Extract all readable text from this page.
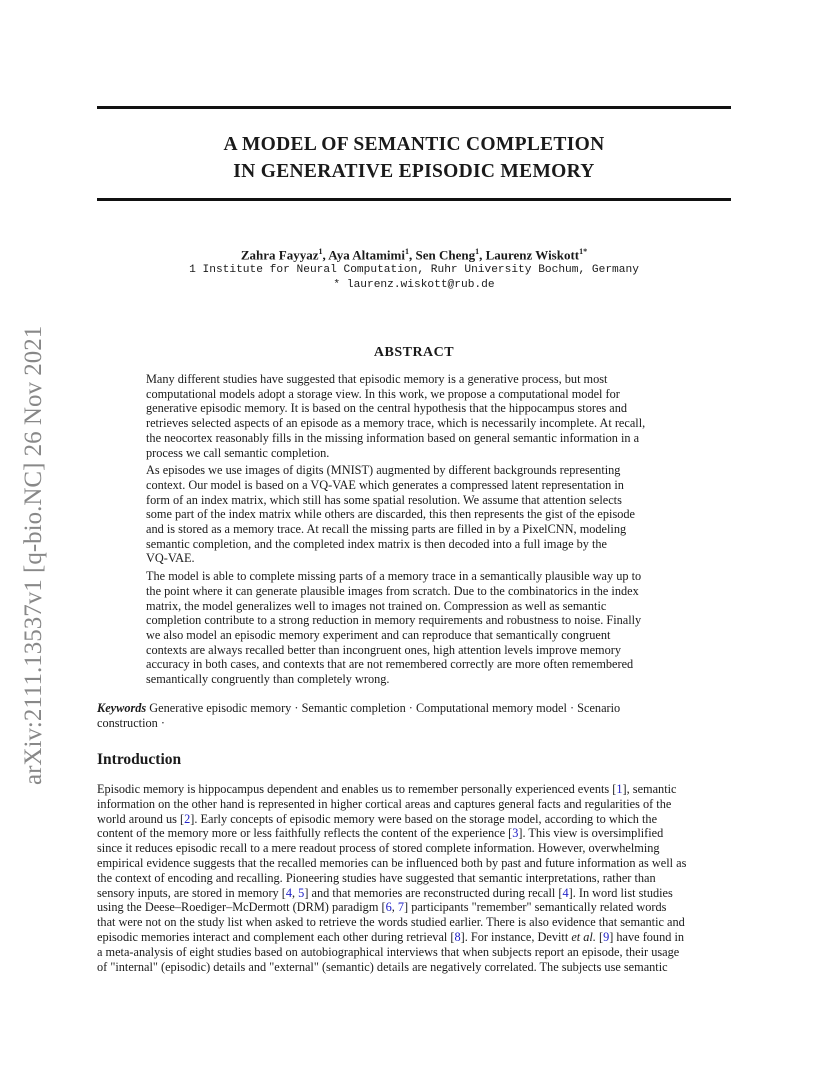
arXiv:2111.13537v1 [q-bio.NC] 26 Nov 2021
A MODEL OF SEMANTIC COMPLETION
IN GENERATIVE EPISODIC MEMORY
Zahra Fayyaz$^1$, Aya Altamimi$^1$, Sen Cheng$^1$, Laurenz Wiskott$^{1*}$
1 Institute for Neural Computation, Ruhr University Bochum, Germany
* laurenz.wiskott@rub.de
ABSTRACT

Many different studies have suggested that episodic memory is a generative process, but most
computational models adopt a storage view. In this work, we propose a computational model for
generative episodic memory. It is based on the central hypothesis that the hippocampus stores and
retrieves selected aspects of an episode as a memory trace, which is necessarily incomplete. At recall,
the neocortex reasonably fills in the missing information based on general semantic information in a
process we call semantic completion.

As episodes we use images of digits (MNIST) augmented by different backgrounds representing
context. Our model is based on a VQ-VAE which generates a compressed latent representation in
form of an index matrix, which still has some spatial resolution. We assume that attention selects
some part of the index matrix while others are discarded, this then represents the gist of the episode
and is stored as a memory trace. At recall the missing parts are filled in by a PixelCNN, modeling
semantic completion, and the completed index matrix is then decoded into a full image by the
VQ-VAE.

The model is able to complete missing parts of a memory trace in a semantically plausible way up to
the point where it can generate plausible images from scratch. Due to the combinatorics in the index
matrix, the model generalizes well to images not trained on. Compression as well as semantic
completion contribute to a strong reduction in memory requirements and robustness to noise. Finally
we also model an episodic memory experiment and can reproduce that semantically congruent
contexts are always recalled better than incongruent ones, high attention levels improve memory
accuracy in both cases, and contexts that are not remembered correctly are more often remembered
semantically congruently than completely wrong.

Keywords Generative episodic memory · Semantic completion · Computational memory model · Scenario
construction ·
Introduction
Episodic memory is hippocampus dependent and enables us to remember personally experienced events [1], semantic
information on the other hand is represented in higher cortical areas and captures general facts and regularities of the
world around us [2]. Early concepts of episodic memory were based on the storage model, according to which the
content of the memory more or less faithfully reflects the content of the experience [3]. This view is oversimplified
since it reduces episodic recall to a mere readout process of stored complete information. However, overwhelming
empirical evidence suggests that the recalled memories can be influenced both by past and future information as well as
the context of encoding and recalling. Pioneering studies have suggested that semantic interpretations, rather than
sensory inputs, are stored in memory [4, 5] and that memories are reconstructed during recall [4]. In word list studies
using the Deese–Roediger–McDermott (DRM) paradigm [6, 7] participants "remember" semantically related words
that were not on the study list when asked to retrieve the words studied earlier. There is also evidence that semantic and
episodic memories interact and complement each other during retrieval [8]. For instance, Devitt et al. [9] have found in
a meta-analysis of eight studies based on autobiographical interviews that when subjects report an episode, their usage
of "internal" (episodic) details and "external" (semantic) details are negatively correlated. The subjects use semantic
